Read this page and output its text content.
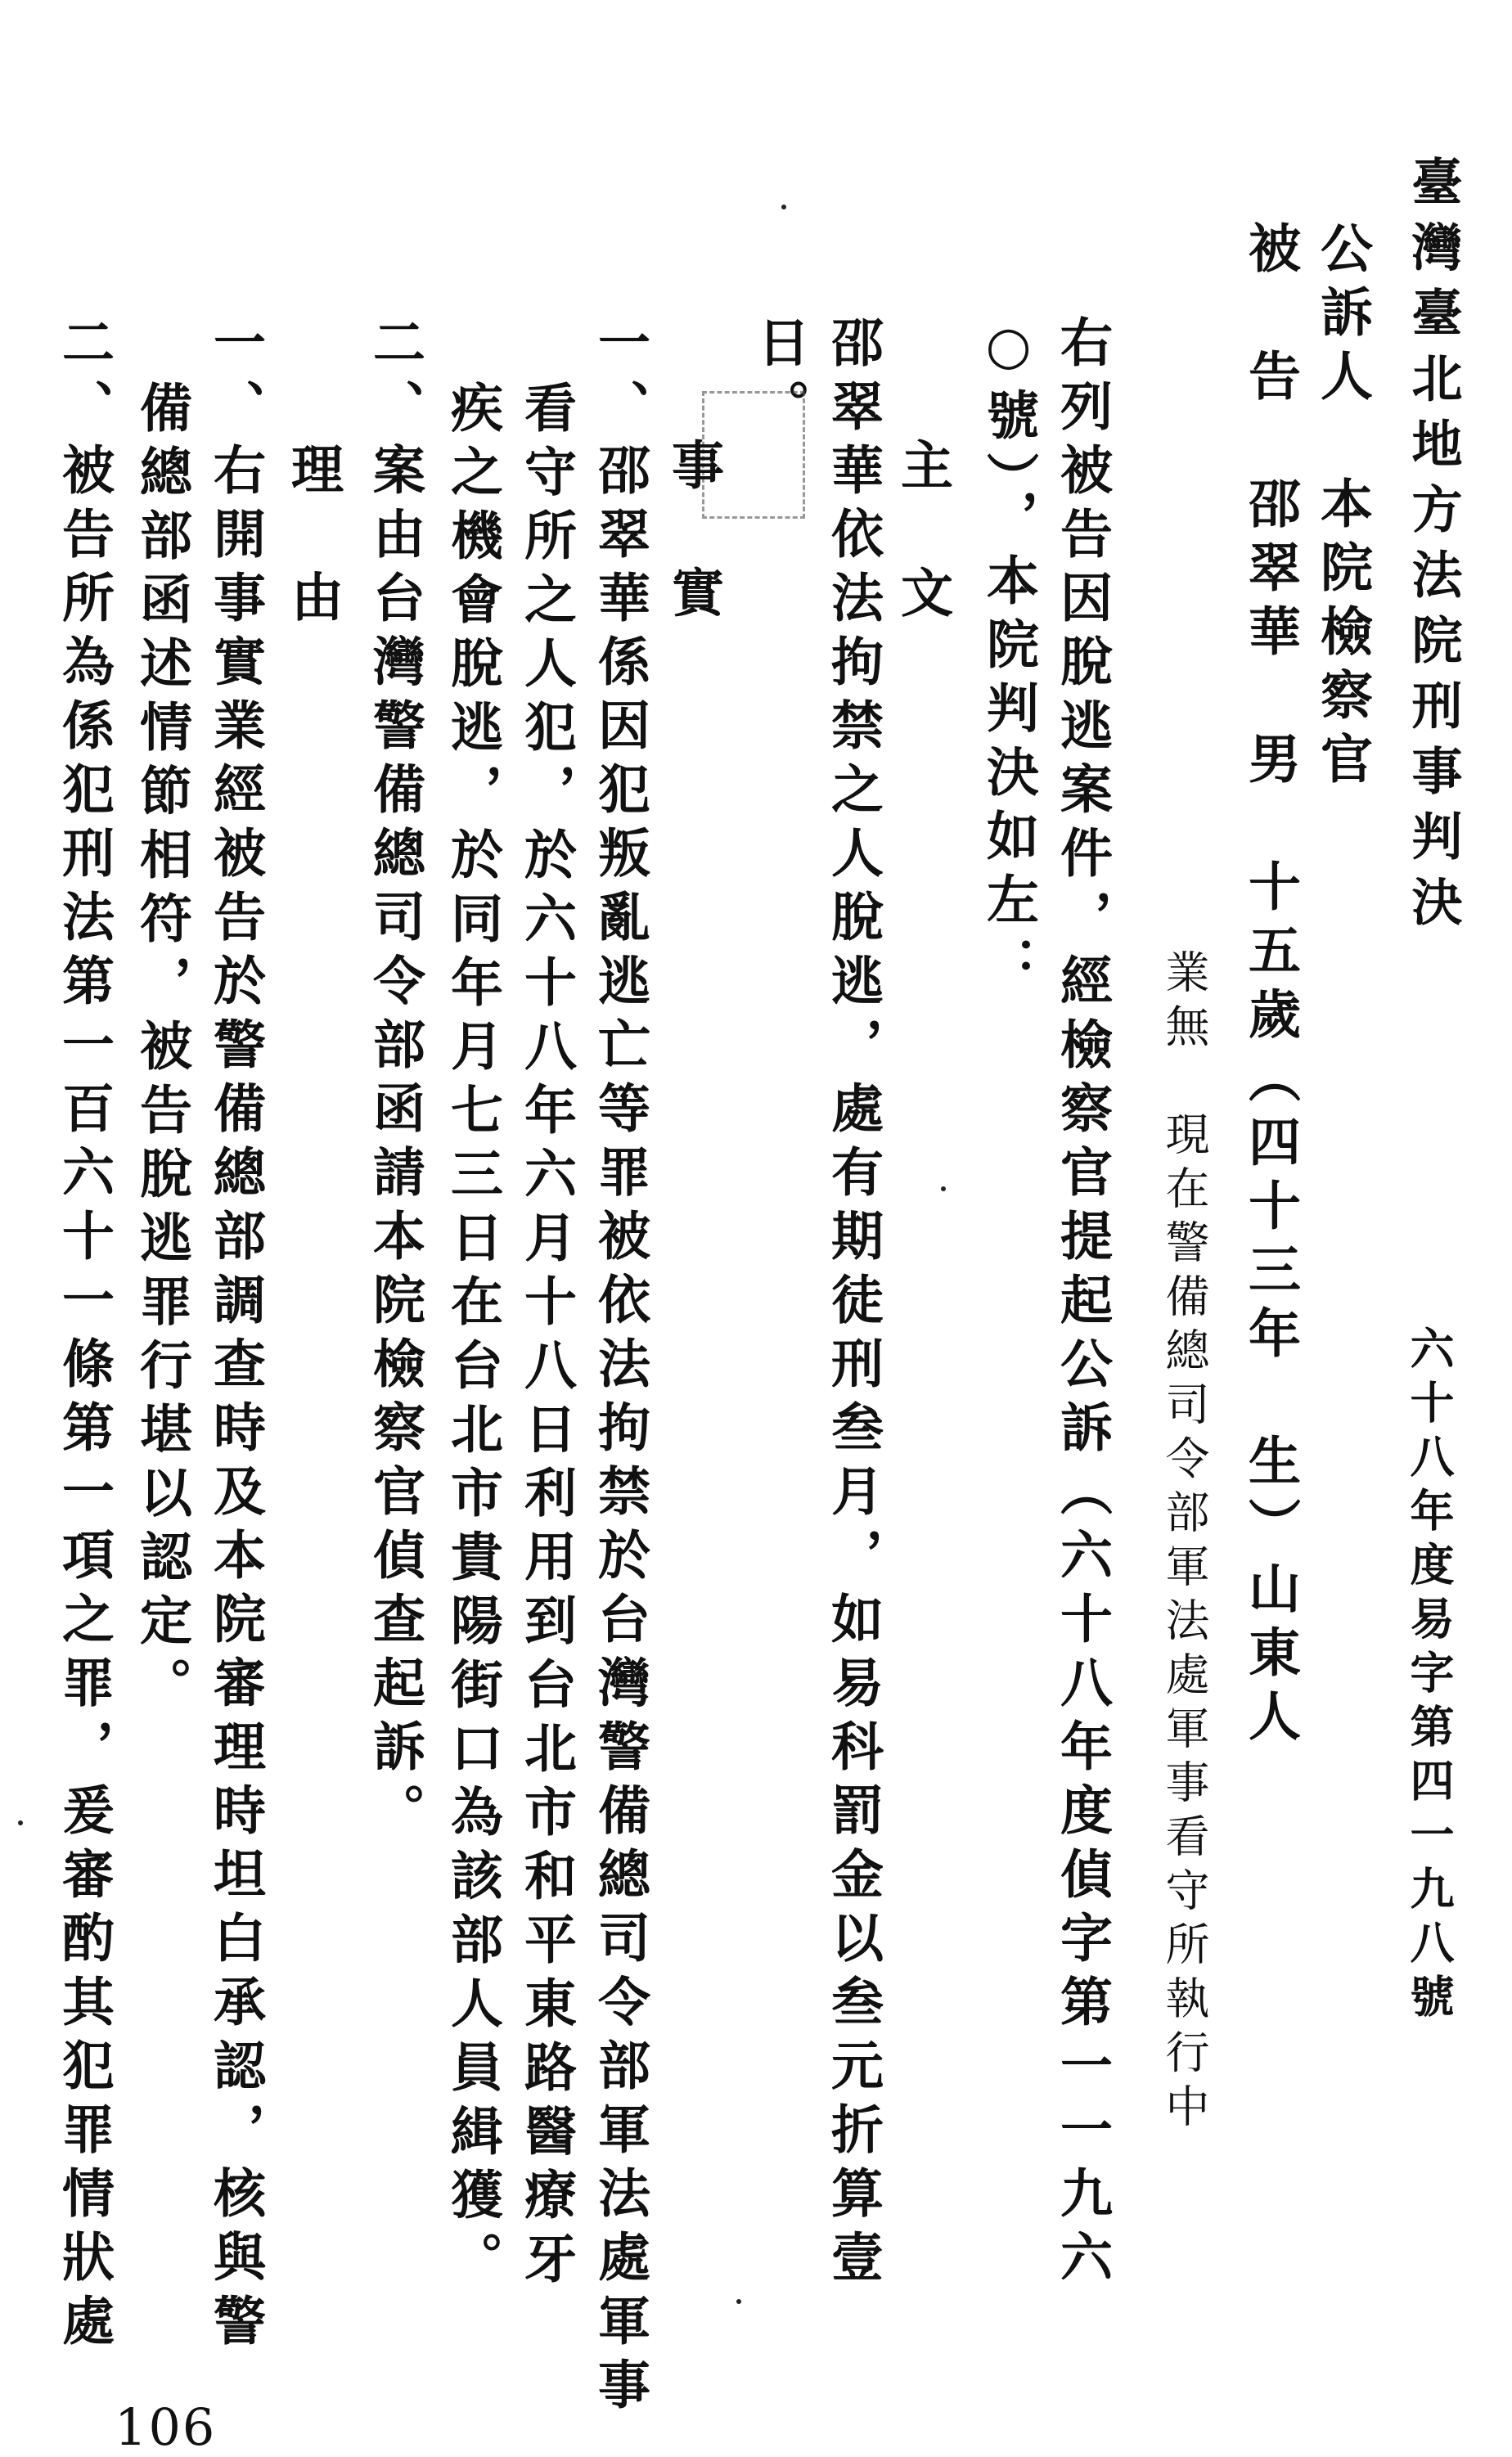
臺灣臺北地方法院刑事判決
六十八年度易字第四一九八號
公訴人　本院檢察官
被　告　邵翠華　男　十五歲（四十三年　生）山東人
業無　現在警備總司令部軍法處軍事看守所執行中
右列被告因脫逃案件，經檢察官提起公訴（六十八年度偵字第一一九六
○號），本院判決如左：
主　文
邵翠華依法拘禁之人脫逃，處有期徒刑叁月，如易科罰金以叁元折算壹
日。
事　實
一、邵翠華係因犯叛亂逃亡等罪被依法拘禁於台灣警備總司令部軍法處軍事
看守所之人犯，於六十八年六月十八日利用到台北市和平東路醫療牙
疾之機會脫逃，於同年月七三日在台北市貴陽街口為該部人員緝獲。
二、案由台灣警備總司令部函請本院檢察官偵查起訴。
理　由
一、右開事實業經被告於警備總部調查時及本院審理時坦白承認，核與警
備總部函述情節相符，被告脫逃罪行堪以認定。
二、被告所為係犯刑法第一百六十一條第一項之罪，爰審酌其犯罪情狀處
106
